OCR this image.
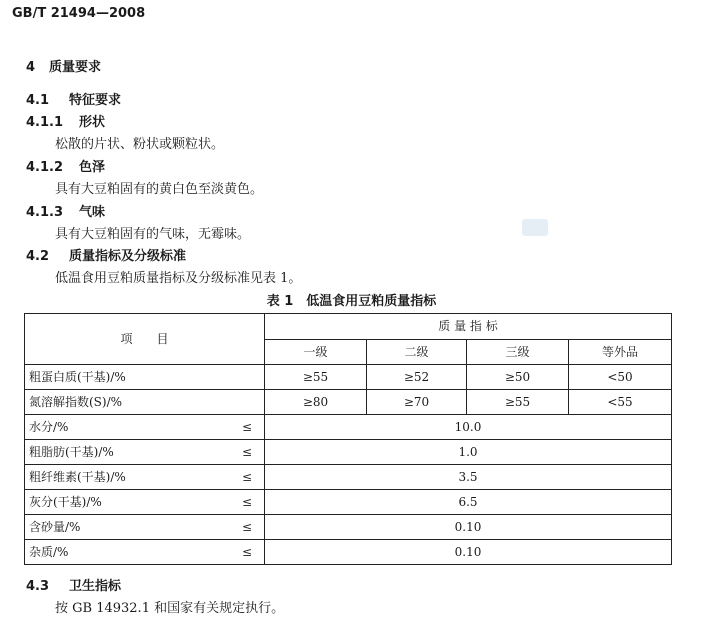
GB/T 21494—2008
4 质量要求
4.1 特征要求
4.1.1 形状
松散的片状、粉状或颗粒状。
4.1.2 色泽
具有大豆粕固有的黄白色至淡黄色。
4.1.3 气味
具有大豆粕固有的气味，无霉味。
4.2 质量指标及分级标准
低温食用豆粕质量指标及分级标准见表 1。
表 1　低温食用豆粕质量指标
项　　目		质 量 指 标			
		一级	二级	三级	等外品
粗蛋白质(干基)/%		≥55	≥52	≥50	<50
氮溶解指数(S)/%		≥80	≥70	≥55	<55
水分/%	≤	10.0			
粗脂肪(干基)/%	≤	1.0			
粗纤维素(干基)/%	≤	3.5			
灰分(干基)/%	≤	6.5			
含砂量/%	≤	0.10			
杂质/%	≤	0.10			
4.3 卫生指标
按 GB 14932.1 和国家有关规定执行。
